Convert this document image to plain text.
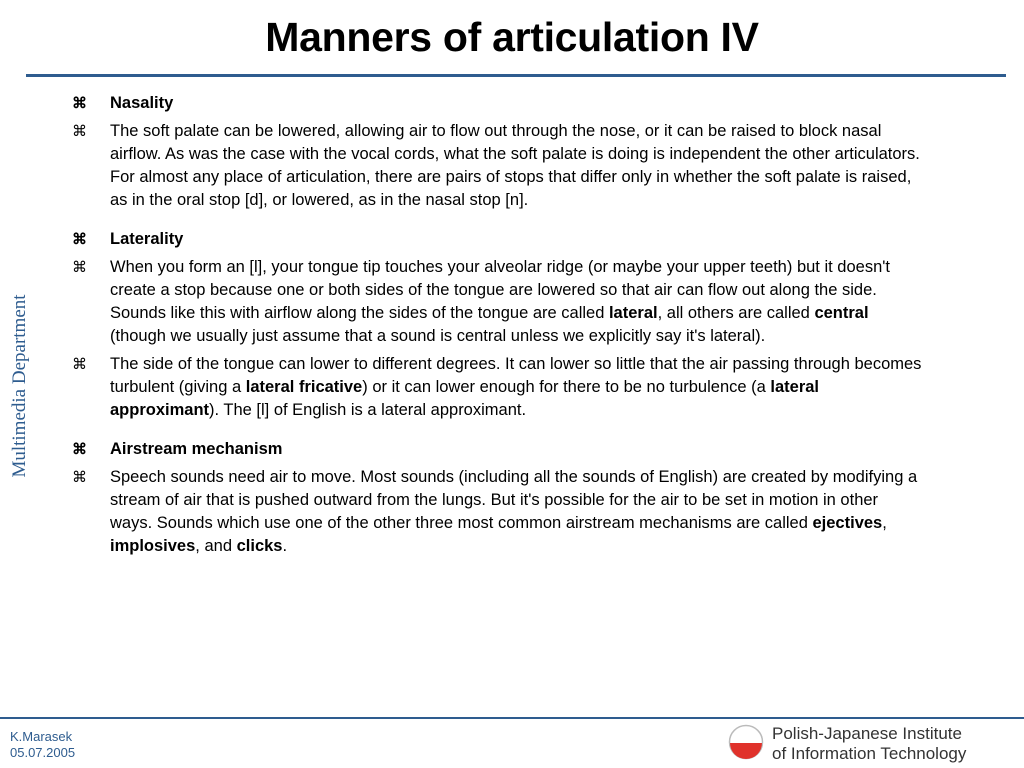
Manners of articulation IV
Multimedia Department
⌘ Nasality
⌘ The soft palate can be lowered, allowing air to flow out through the nose, or it can be raised to block nasal airflow. As was the case with the vocal cords, what the soft palate is doing is independent the other articulators. For almost any place of articulation, there are pairs of stops that differ only in whether the soft palate is raised, as in the oral stop [d], or lowered, as in the nasal stop [n].
⌘ Laterality
⌘ When you form an [l], your tongue tip touches your alveolar ridge (or maybe your upper teeth) but it doesn't create a stop because one or both sides of the tongue are lowered so that air can flow out along the side. Sounds like this with airflow along the sides of the tongue are called lateral, all others are called central (though we usually just assume that a sound is central unless we explicitly say it's lateral).
⌘ The side of the tongue can lower to different degrees. It can lower so little that the air passing through becomes turbulent (giving a lateral fricative) or it can lower enough for there to be no turbulence (a lateral approximant). The [l] of English is a lateral approximant.
⌘ Airstream mechanism
⌘ Speech sounds need air to move. Most sounds (including all the sounds of English) are created by modifying a stream of air that is pushed outward from the lungs. But it's possible for the air to be set in motion in other ways. Sounds which use one of the other three most common airstream mechanisms are called ejectives, implosives, and clicks.
K.Marasek
05.07.2005
Polish-Japanese Institute
of Information Technology
